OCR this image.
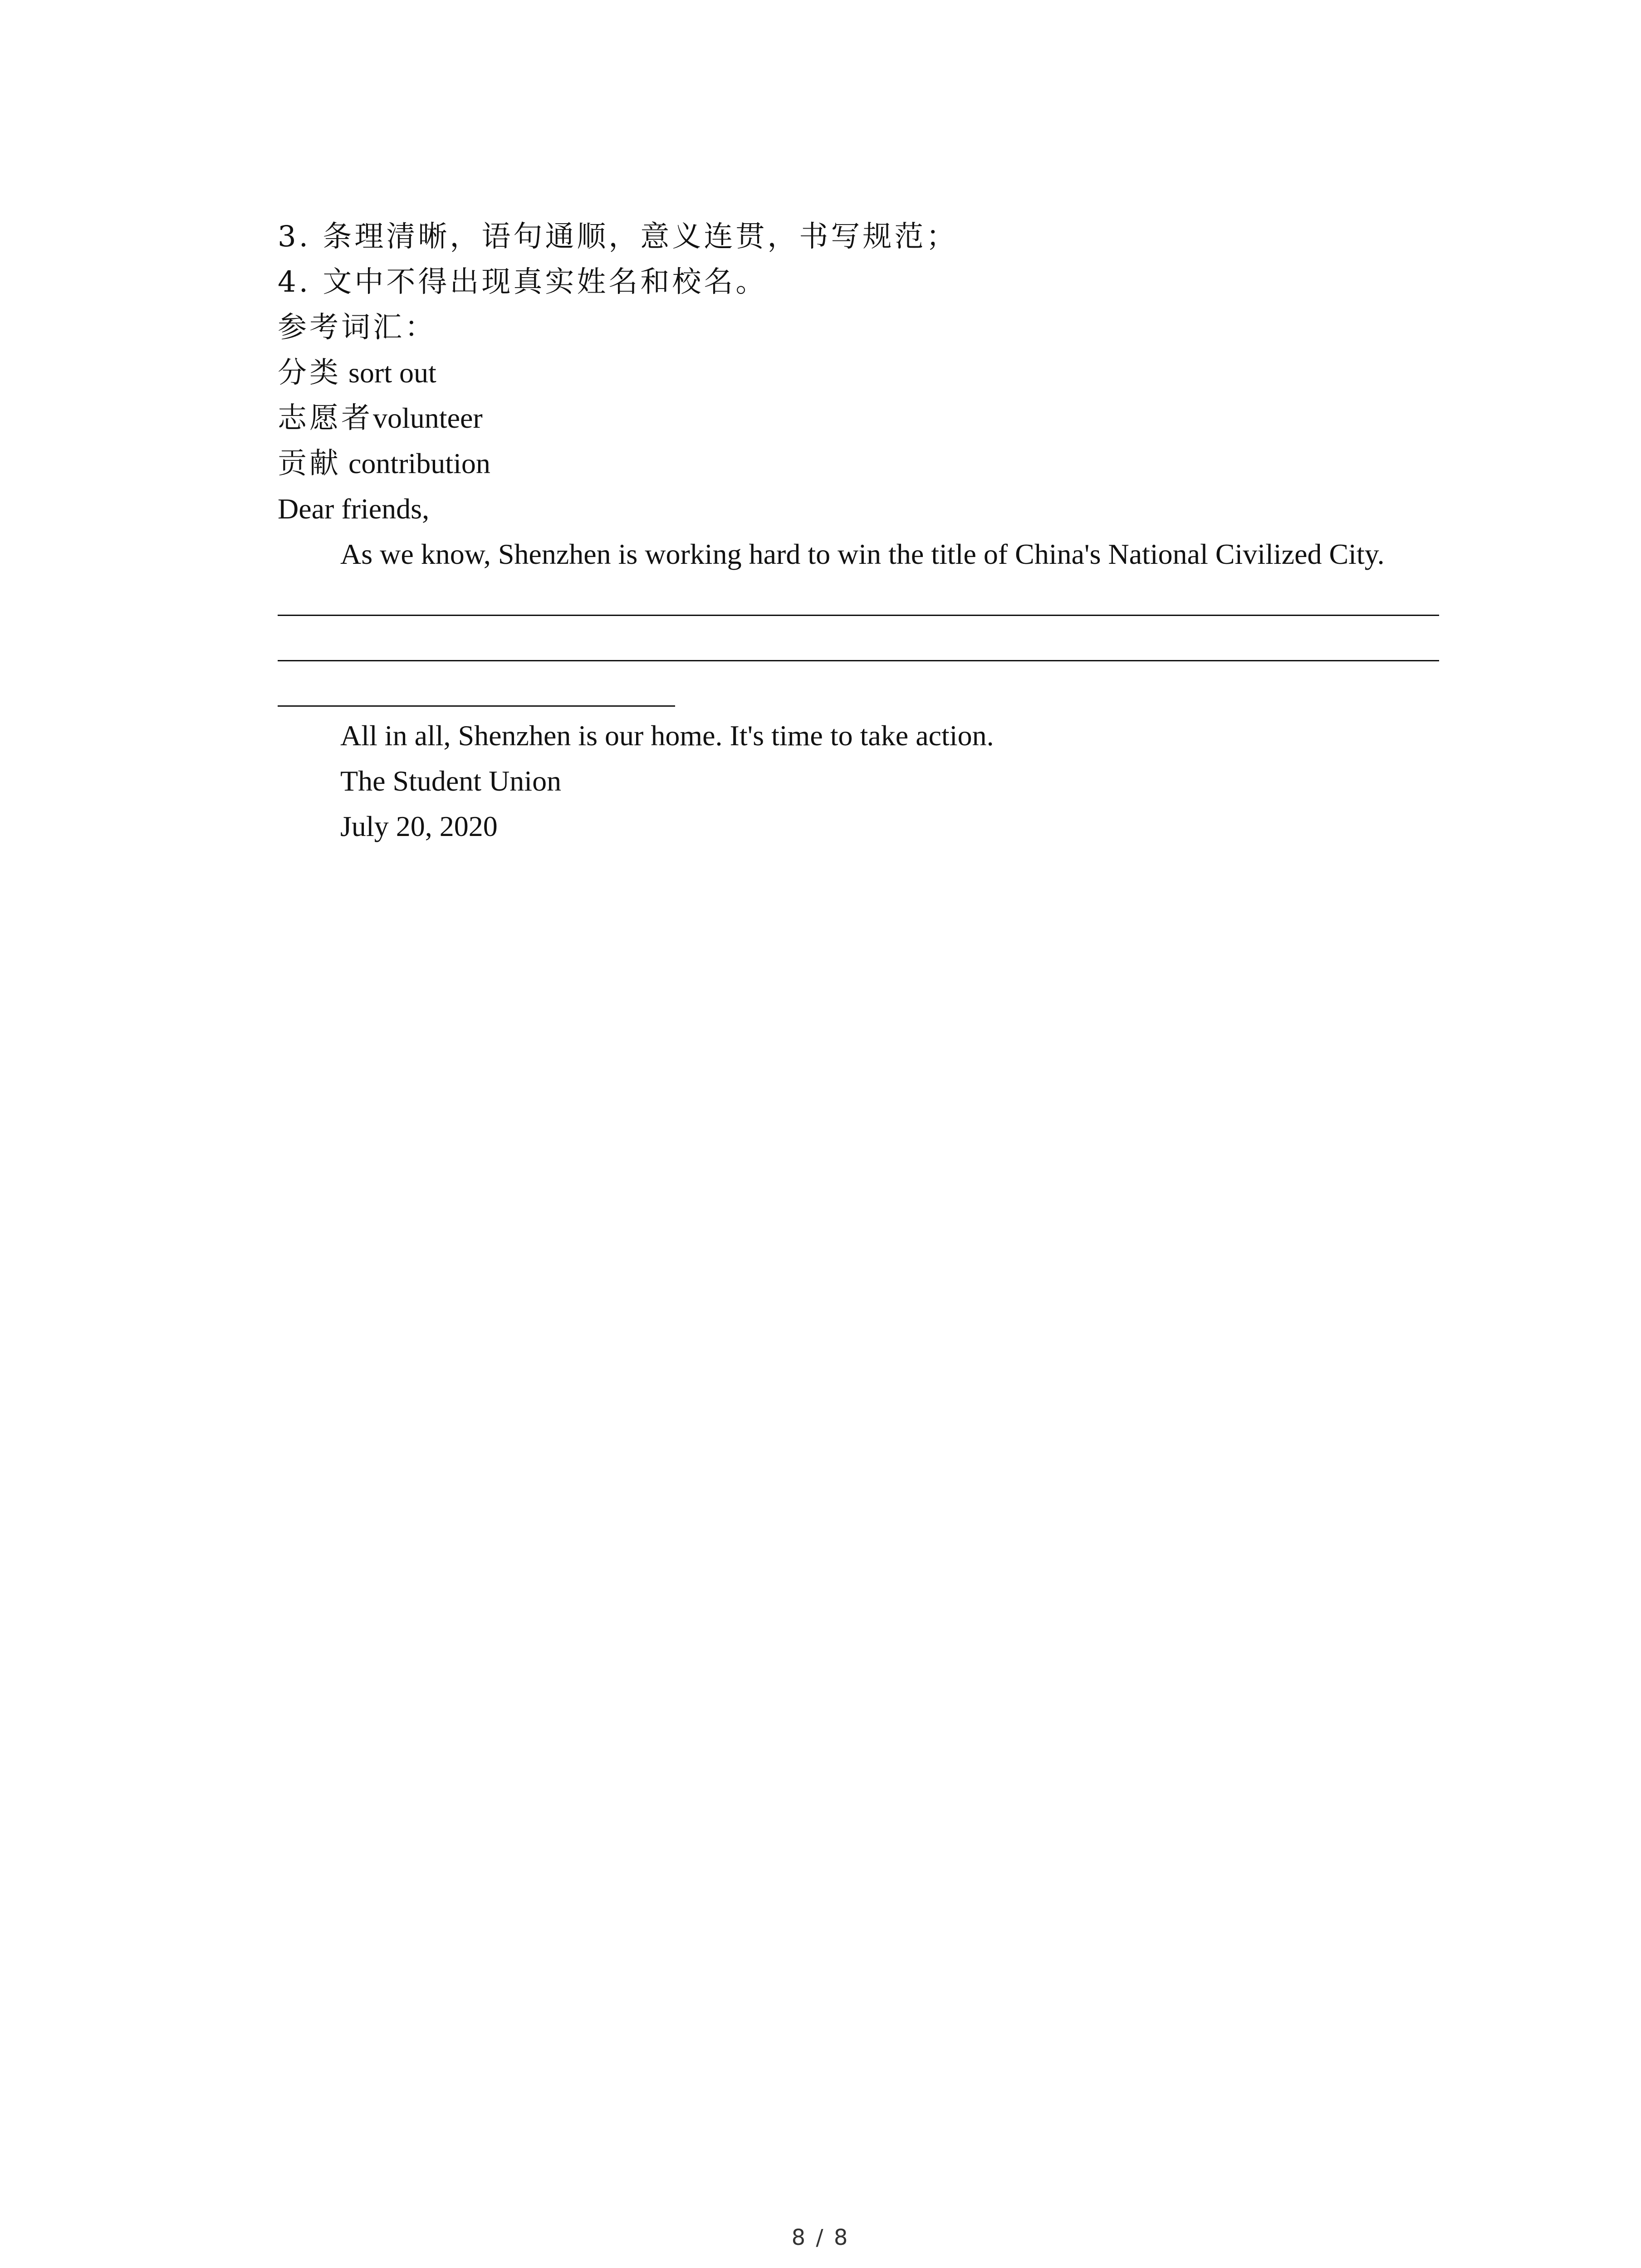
3. 条理清晰，语句通顺，意义连贯，书写规范；
4. 文中不得出现真实姓名和校名。
参考词汇：
分类 sort out
志愿者volunteer
贡献 contribution
Dear friends,
As we know, Shenzhen is working hard to win the title of China's National Civilized City.
All in all, Shenzhen is our home. It's time to take action.
The Student Union
July 20, 2020
8 / 8
